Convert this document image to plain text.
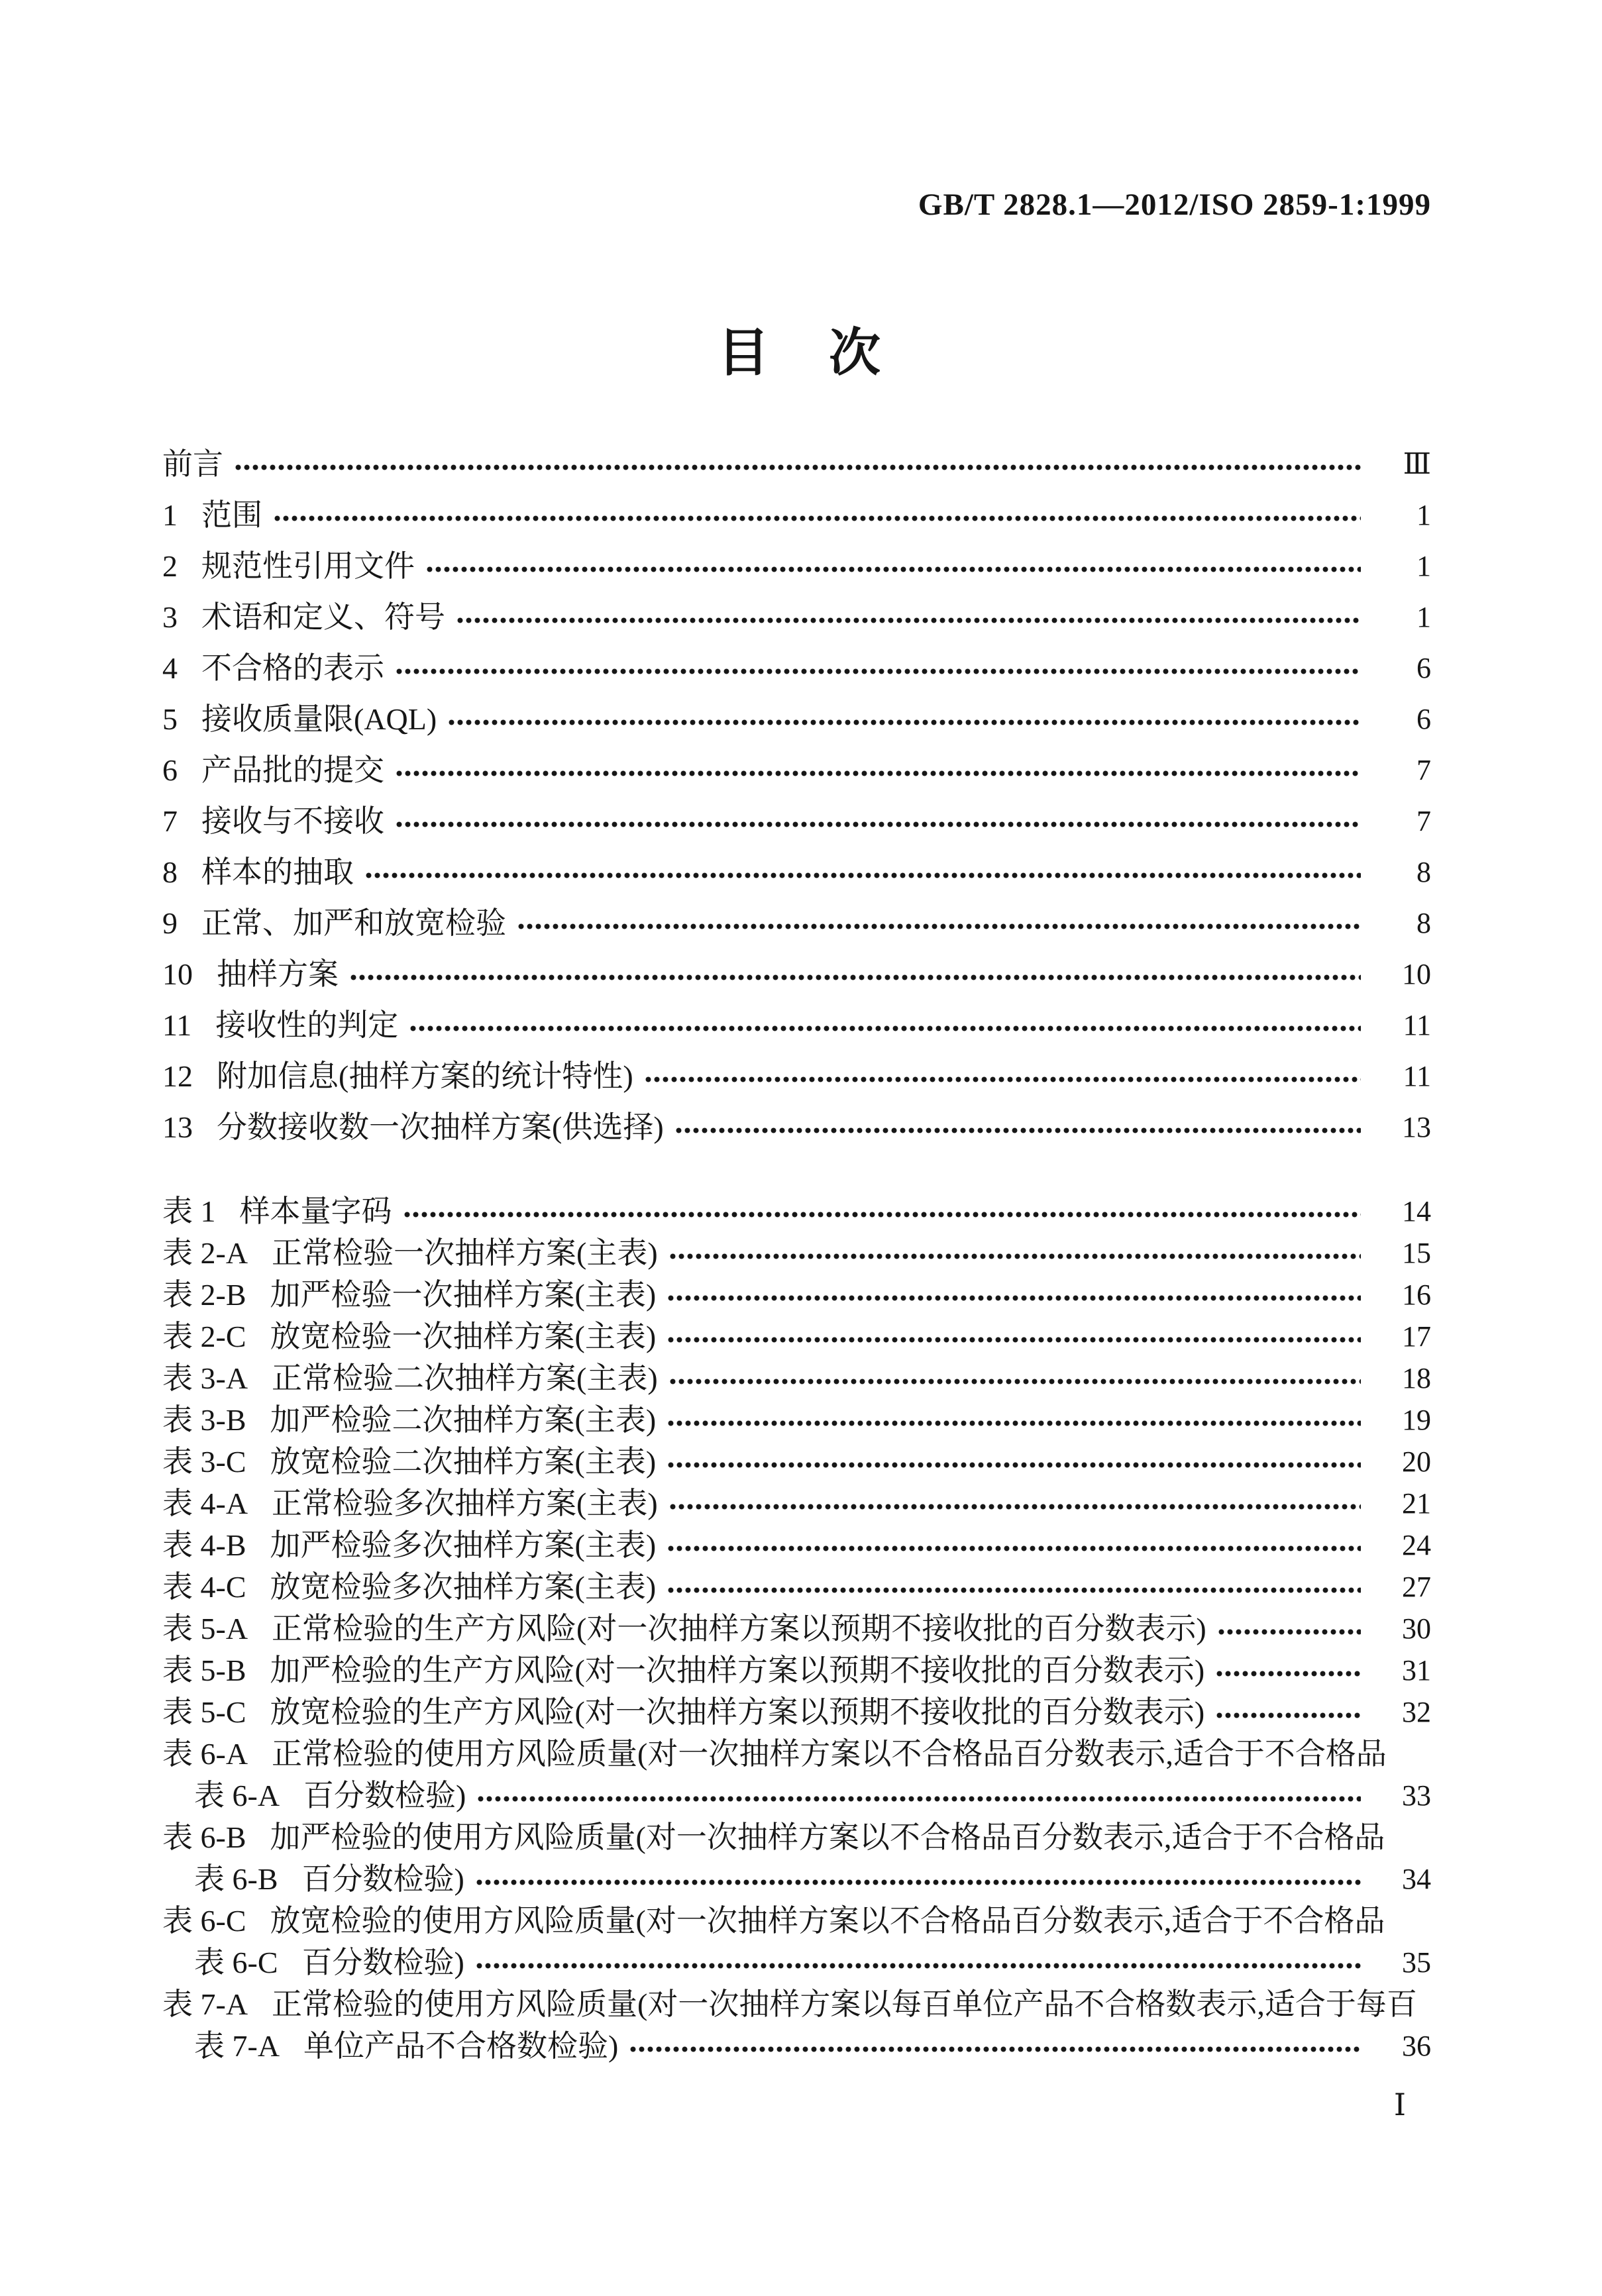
GB/T 2828.1—2012/ISO 2859-1:1999
目　次
前言	Ⅲ
1 范围	1
2 规范性引用文件	1
3 术语和定义、符号	1
4 不合格的表示	6
5 接收质量限(AQL)	6
6 产品批的提交	7
7 接收与不接收	7
8 样本的抽取	8
9 正常、加严和放宽检验	8
10 抽样方案	10
11 接收性的判定	11
12 附加信息(抽样方案的统计特性)	11
13 分数接收数一次抽样方案(供选择)	13
表 1 样本量字码	14
表 2-A 正常检验一次抽样方案(主表)	15
表 2-B 加严检验一次抽样方案(主表)	16
表 2-C 放宽检验一次抽样方案(主表)	17
表 3-A 正常检验二次抽样方案(主表)	18
表 3-B 加严检验二次抽样方案(主表)	19
表 3-C 放宽检验二次抽样方案(主表)	20
表 4-A 正常检验多次抽样方案(主表)	21
表 4-B 加严检验多次抽样方案(主表)	24
表 4-C 放宽检验多次抽样方案(主表)	27
表 5-A 正常检验的生产方风险(对一次抽样方案以预期不接收批的百分数表示)	30
表 5-B 加严检验的生产方风险(对一次抽样方案以预期不接收批的百分数表示)	31
表 5-C 放宽检验的生产方风险(对一次抽样方案以预期不接收批的百分数表示)	32
表 6-A 正常检验的使用方风险质量(对一次抽样方案以不合格品百分数表示,适合于不合格品
表 6-A 百分数检验)	33
表 6-B 加严检验的使用方风险质量(对一次抽样方案以不合格品百分数表示,适合于不合格品
表 6-B 百分数检验)	34
表 6-C 放宽检验的使用方风险质量(对一次抽样方案以不合格品百分数表示,适合于不合格品
表 6-C 百分数检验)	35
表 7-A 正常检验的使用方风险质量(对一次抽样方案以每百单位产品不合格数表示,适合于每百
表 7-A 单位产品不合格数检验)	36
Ⅰ
